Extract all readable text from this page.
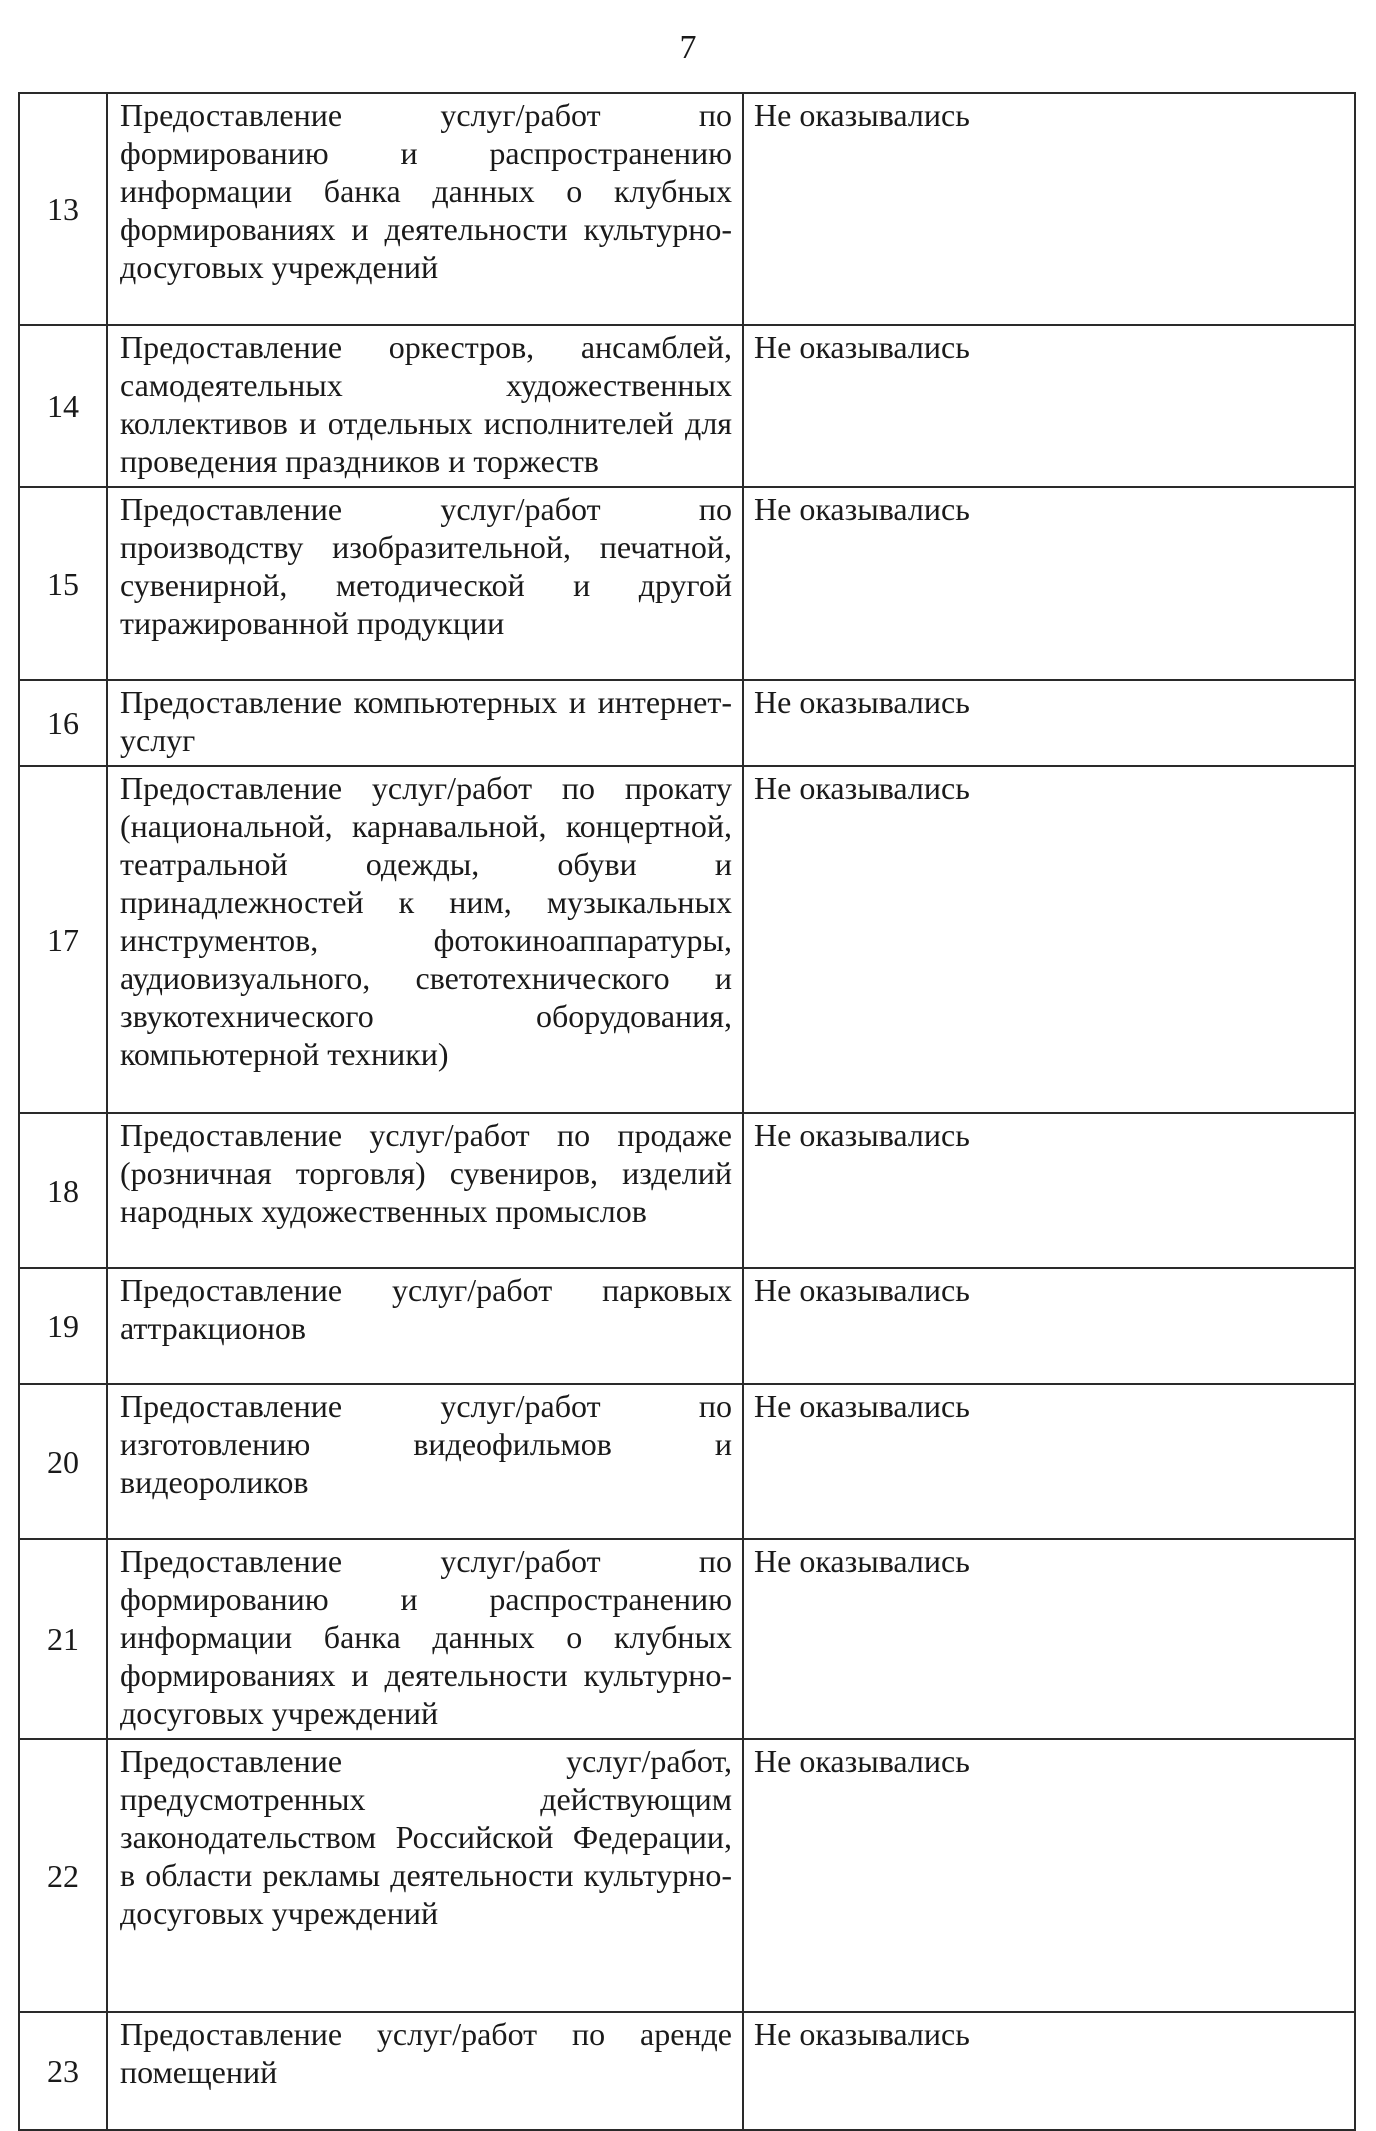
7
13	Предоставление услуг/работ по формированию и распространению информации банка данных о клубных формированиях и деятельности культурно-досуговых учреждений	Не оказывались

14	Предоставление оркестров, ансамблей, самодеятельных художественных коллективов и отдельных исполнителей для проведения праздников и торжеств	Не оказывались

15	Предоставление услуг/работ по производству изобразительной, печатной, сувенирной, методической и другой тиражированной продукции	Не оказывались

16	Предоставление компьютерных и интернет-услуг	Не оказывались

17	Предоставление услуг/работ по прокату (национальной, карнавальной, концертной, театральной одежды, обуви и принадлежностей к ним, музыкальных инструментов, фотокиноаппаратуры, аудиовизуального, светотехнического и звукотехнического оборудования, компьютерной техники)	Не оказывались

18	Предоставление услуг/работ по продаже (розничная торговля) сувениров, изделий народных художественных промыслов	Не оказывались

19	Предоставление услуг/работ парковых аттракционов	Не оказывались

20	Предоставление услуг/работ по изготовлению видеофильмов и видеороликов	Не оказывались

21	Предоставление услуг/работ по формированию и распространению информации банка данных о клубных формированиях и деятельности культурно-досуговых учреждений	Не оказывались

22	Предоставление услуг/работ, предусмотренных действующим законодательством Российской Федерации, в области рекламы деятельности культурно-досуговых учреждений	Не оказывались

23	Предоставление услуг/работ по аренде помещений	Не оказывались
